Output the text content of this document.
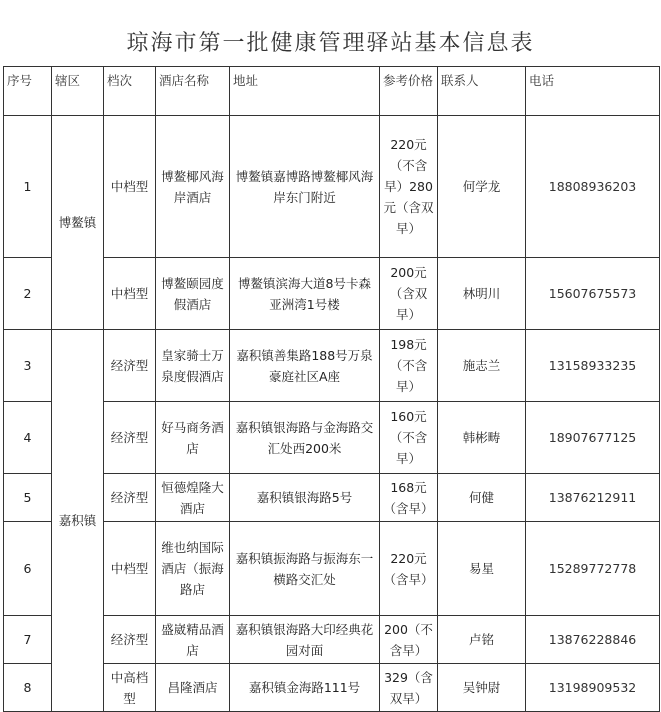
琼海市第一批健康管理驿站基本信息表
序号	辖区	档次	酒店名称	地址	参考价格	联系人	电话
1	博鳌镇	中档型	博鳌椰风海岸酒店	博鳌镇嘉博路博鳌椰风海岸东门附近	220元（不含早）280元（含双早）	何学龙	18808936203
2		中档型	博鳌颐园度假酒店	博鳌镇滨海大道8号卡森亚洲湾1号楼	200元（含双早）	林明川	15607675573
3	嘉积镇	经济型	皇家骑士万泉度假酒店	嘉积镇善集路188号万泉豪庭社区A座	198元（不含早）	施志兰	13158933235
4		经济型	好马商务酒店	嘉积镇银海路与金海路交汇处西200米	160元（不含早）	韩彬畴	18907677125
5		经济型	恒德煌隆大酒店	嘉积镇银海路5号	168元（含早）	何健	13876212911
6		中档型	维也纳国际酒店（振海路店	嘉积镇振海路与振海东一横路交汇处	220元（含早）	易星	15289772778
7		经济型	盛崴精品酒店	嘉积镇银海路大印经典花园对面	200（不含早）	卢铭	13876228846
8		中高档型	昌隆酒店	嘉积镇金海路111号	329（含双早）	吴钟尉	13198909532
